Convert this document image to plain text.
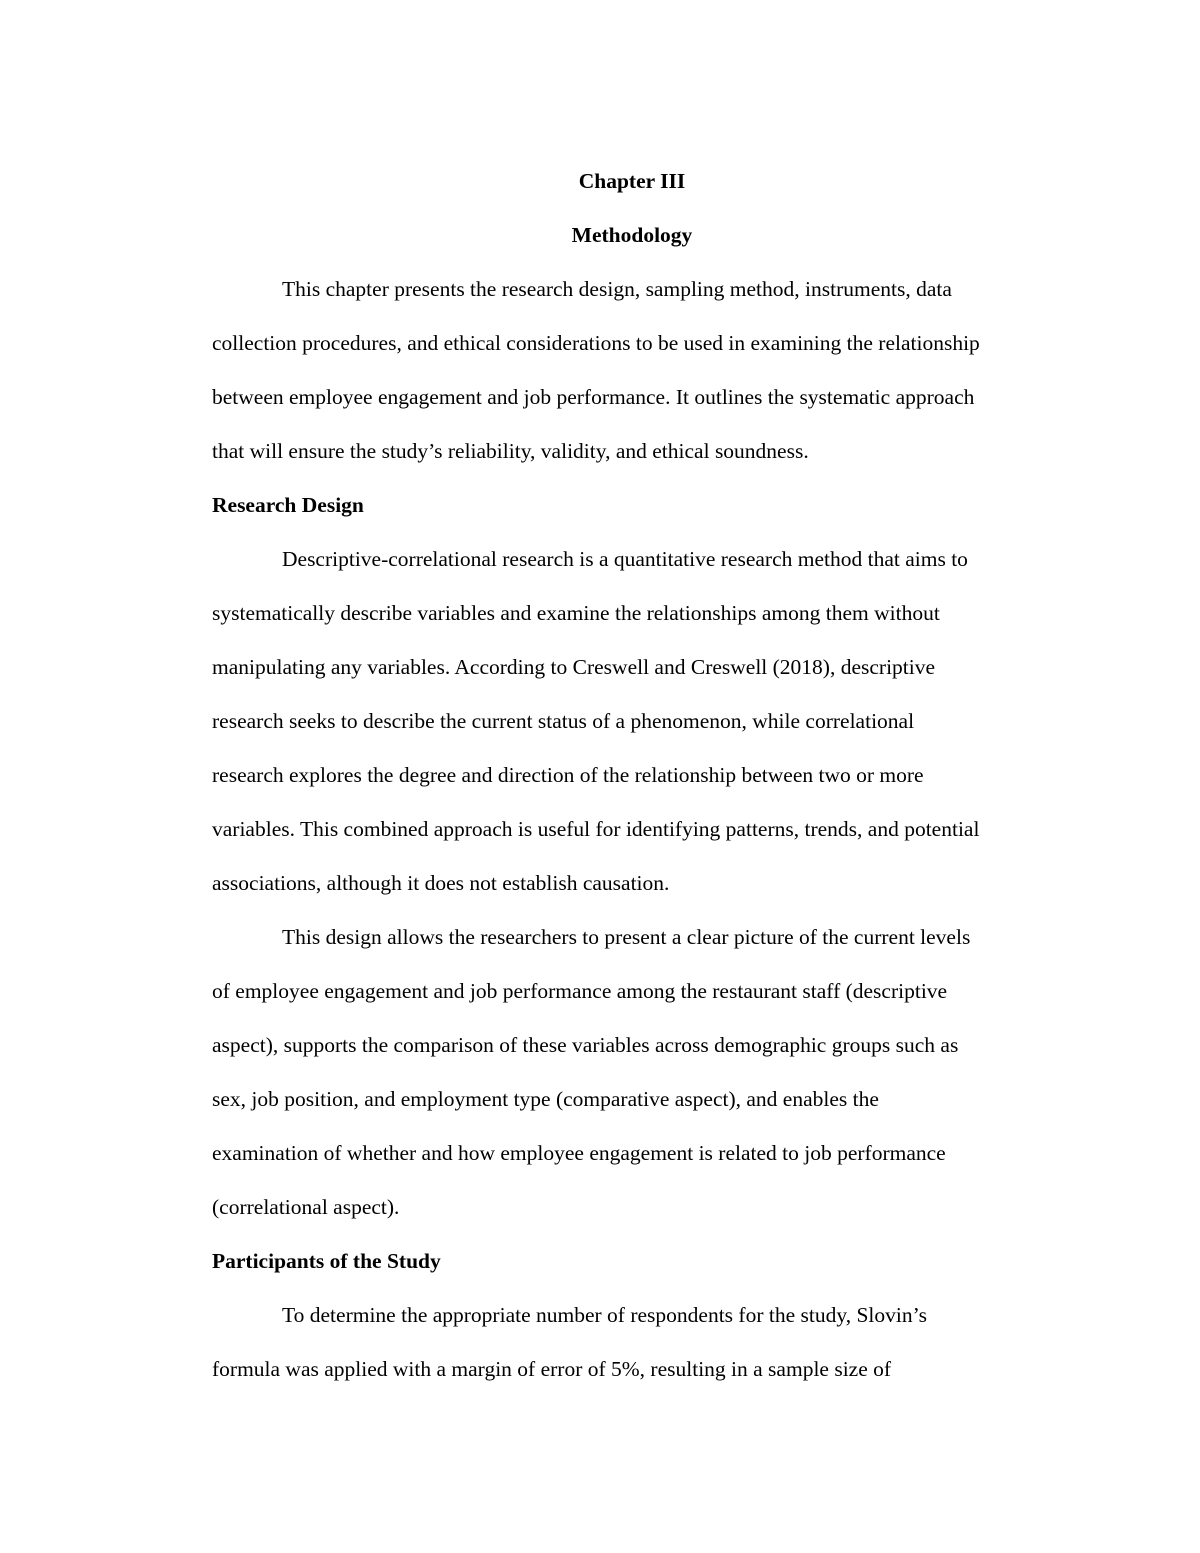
Chapter III
Methodology
This chapter presents the research design, sampling method, instruments, data
collection procedures, and ethical considerations to be used in examining the relationship
between employee engagement and job performance. It outlines the systematic approach
that will ensure the study’s reliability, validity, and ethical soundness.
Research Design
Descriptive-correlational research is a quantitative research method that aims to
systematically describe variables and examine the relationships among them without
manipulating any variables. According to Creswell and Creswell (2018), descriptive
research seeks to describe the current status of a phenomenon, while correlational
research explores the degree and direction of the relationship between two or more
variables. This combined approach is useful for identifying patterns, trends, and potential
associations, although it does not establish causation.
This design allows the researchers to present a clear picture of the current levels
of employee engagement and job performance among the restaurant staff (descriptive
aspect), supports the comparison of these variables across demographic groups such as
sex, job position, and employment type (comparative aspect), and enables the
examination of whether and how employee engagement is related to job performance
(correlational aspect).
Participants of the Study
To determine the appropriate number of respondents for the study, Slovin’s
formula was applied with a margin of error of 5%, resulting in a sample size of
